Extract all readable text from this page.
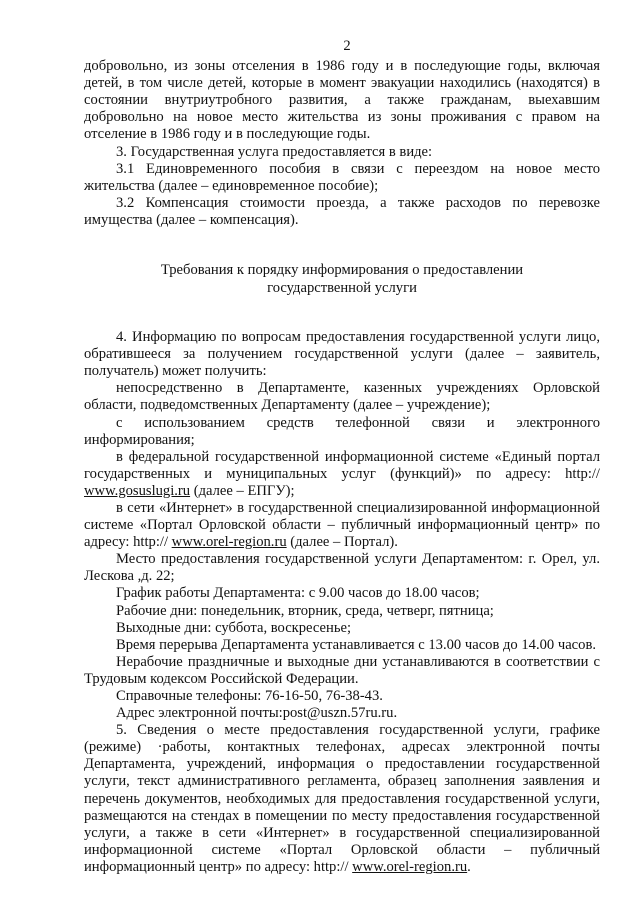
2

добровольно, из зоны отселения в 1986 году и в последующие годы, включая детей, в том числе детей, которые в момент эвакуации находились (находятся) в состоянии внутриутробного развития, а также гражданам, выехавшим добровольно на новое место жительства из зоны проживания с правом на отселение в 1986 году и в последующие годы.

3. Государственная услуга предоставляется в виде:

3.1 Единовременного пособия в связи с переездом на новое место жительства (далее – единовременное пособие);

3.2 Компенсация стоимости проезда, а также расходов по перевозке имущества (далее – компенсация).

Требования к порядку информирования о предоставлении
государственной услуги

4. Информацию по вопросам предоставления государственной услуги лицо, обратившееся за получением государственной услуги (далее – заявитель, получатель) может получить:

непосредственно в Департаменте, казенных учреждениях Орловской области, подведомственных Департаменту (далее – учреждение);

с использованием средств телефонной связи и электронного информирования;

в федеральной государственной информационной системе «Единый портал государственных и муниципальных услуг (функций)» по адресу: http:// www.gosuslugi.ru (далее – ЕПГУ);

в сети «Интернет» в государственной специализированной информационной системе «Портал Орловской области – публичный информационный центр» по адресу: http:// www.orel-region.ru (далее – Портал).

Место предоставления государственной услуги Департаментом: г. Орел, ул. Лескова ,д. 22;

График работы Департамента: с 9.00 часов до 18.00 часов;

Рабочие дни: понедельник, вторник, среда, четверг, пятница;

Выходные дни: суббота, воскресенье;

Время перерыва Департамента устанавливается с 13.00 часов до 14.00 часов.

Нерабочие праздничные и выходные дни устанавливаются в соответствии с Трудовым кодексом Российской Федерации.

Справочные телефоны: 76-16-50, 76-38-43.

Адрес электронной почты:post@uszn.57ru.ru.

5. Сведения о месте предоставления государственной услуги, графике (режиме) ·работы, контактных телефонах, адресах электронной почты Департамента, учреждений, информация о предоставлении государственной услуги, текст административного регламента, образец заполнения заявления и перечень документов, необходимых для предоставления государственной услуги, размещаются на стендах в помещении по месту предоставления государственной услуги, а также в сети «Интернет» в государственной специализированной информационной системе «Портал Орловской области – публичный информационный центр» по адресу: http:// www.orel-region.ru.
